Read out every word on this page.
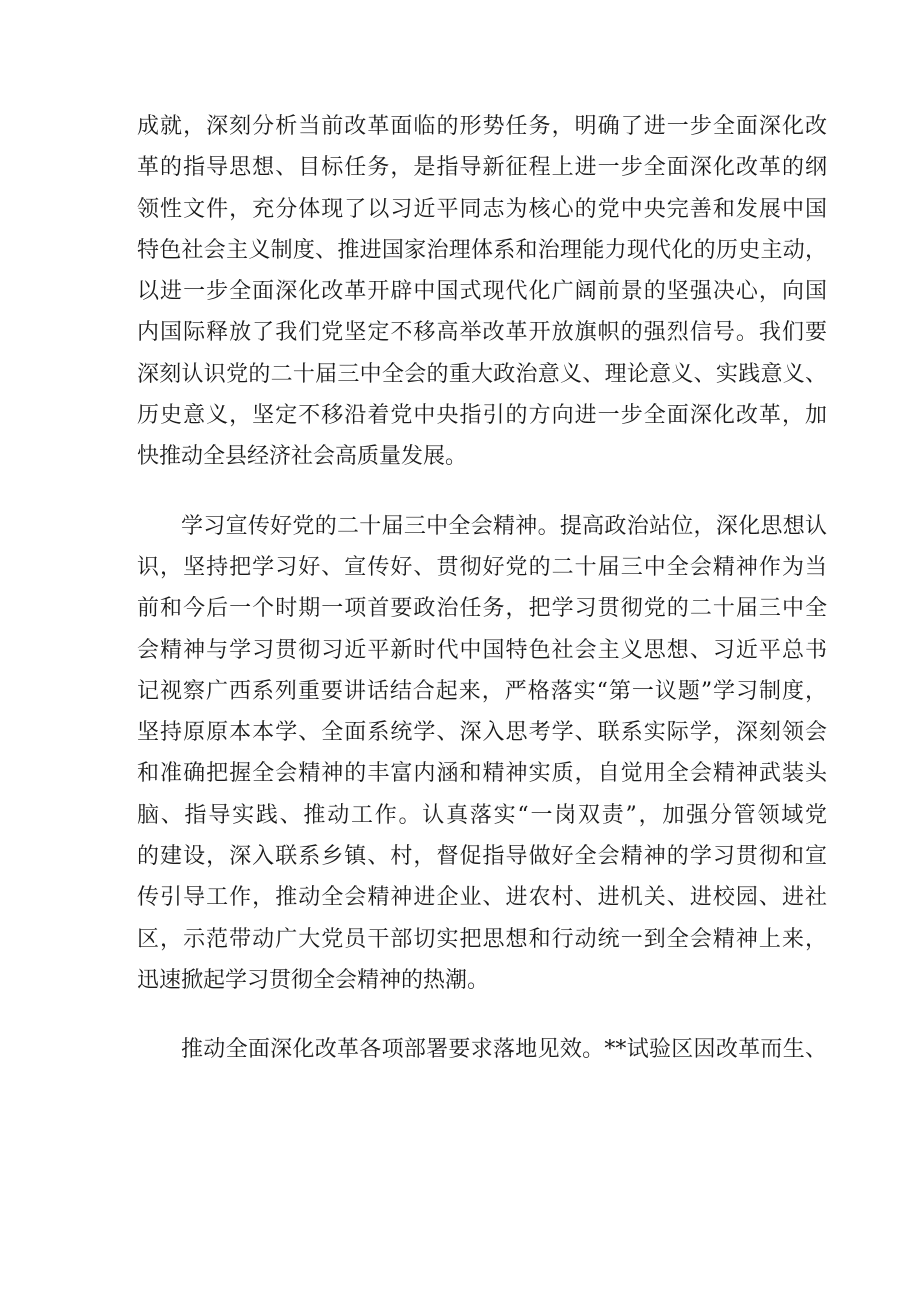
成就，深刻分析当前改革面临的形势任务，明确了进一步全面深化改
革的指导思想、目标任务，是指导新征程上进一步全面深化改革的纲
领性文件，充分体现了以习近平同志为核心的党中央完善和发展中国
特色社会主义制度、推进国家治理体系和治理能力现代化的历史主动，
以进一步全面深化改革开辟中国式现代化广阔前景的坚强决心，向国
内国际释放了我们党坚定不移高举改革开放旗帜的强烈信号。我们要
深刻认识党的二十届三中全会的重大政治意义、理论意义、实践意义、
历史意义，坚定不移沿着党中央指引的方向进一步全面深化改革，加
快推动全县经济社会高质量发展。
学习宣传好党的二十届三中全会精神。提高政治站位，深化思想认
识，坚持把学习好、宣传好、贯彻好党的二十届三中全会精神作为当
前和今后一个时期一项首要政治任务，把学习贯彻党的二十届三中全
会精神与学习贯彻习近平新时代中国特色社会主义思想、习近平总书
记视察广西系列重要讲话结合起来，严格落实“第一议题”学习制度，
坚持原原本本学、全面系统学、深入思考学、联系实际学，深刻领会
和准确把握全会精神的丰富内涵和精神实质，自觉用全会精神武装头
脑、指导实践、推动工作。认真落实“一岗双责”，加强分管领域党
的建设，深入联系乡镇、村，督促指导做好全会精神的学习贯彻和宣
传引导工作，推动全会精神进企业、进农村、进机关、进校园、进社
区，示范带动广大党员干部切实把思想和行动统一到全会精神上来，
迅速掀起学习贯彻全会精神的热潮。
推动全面深化改革各项部署要求落地见效。**试验区因改革而生、
